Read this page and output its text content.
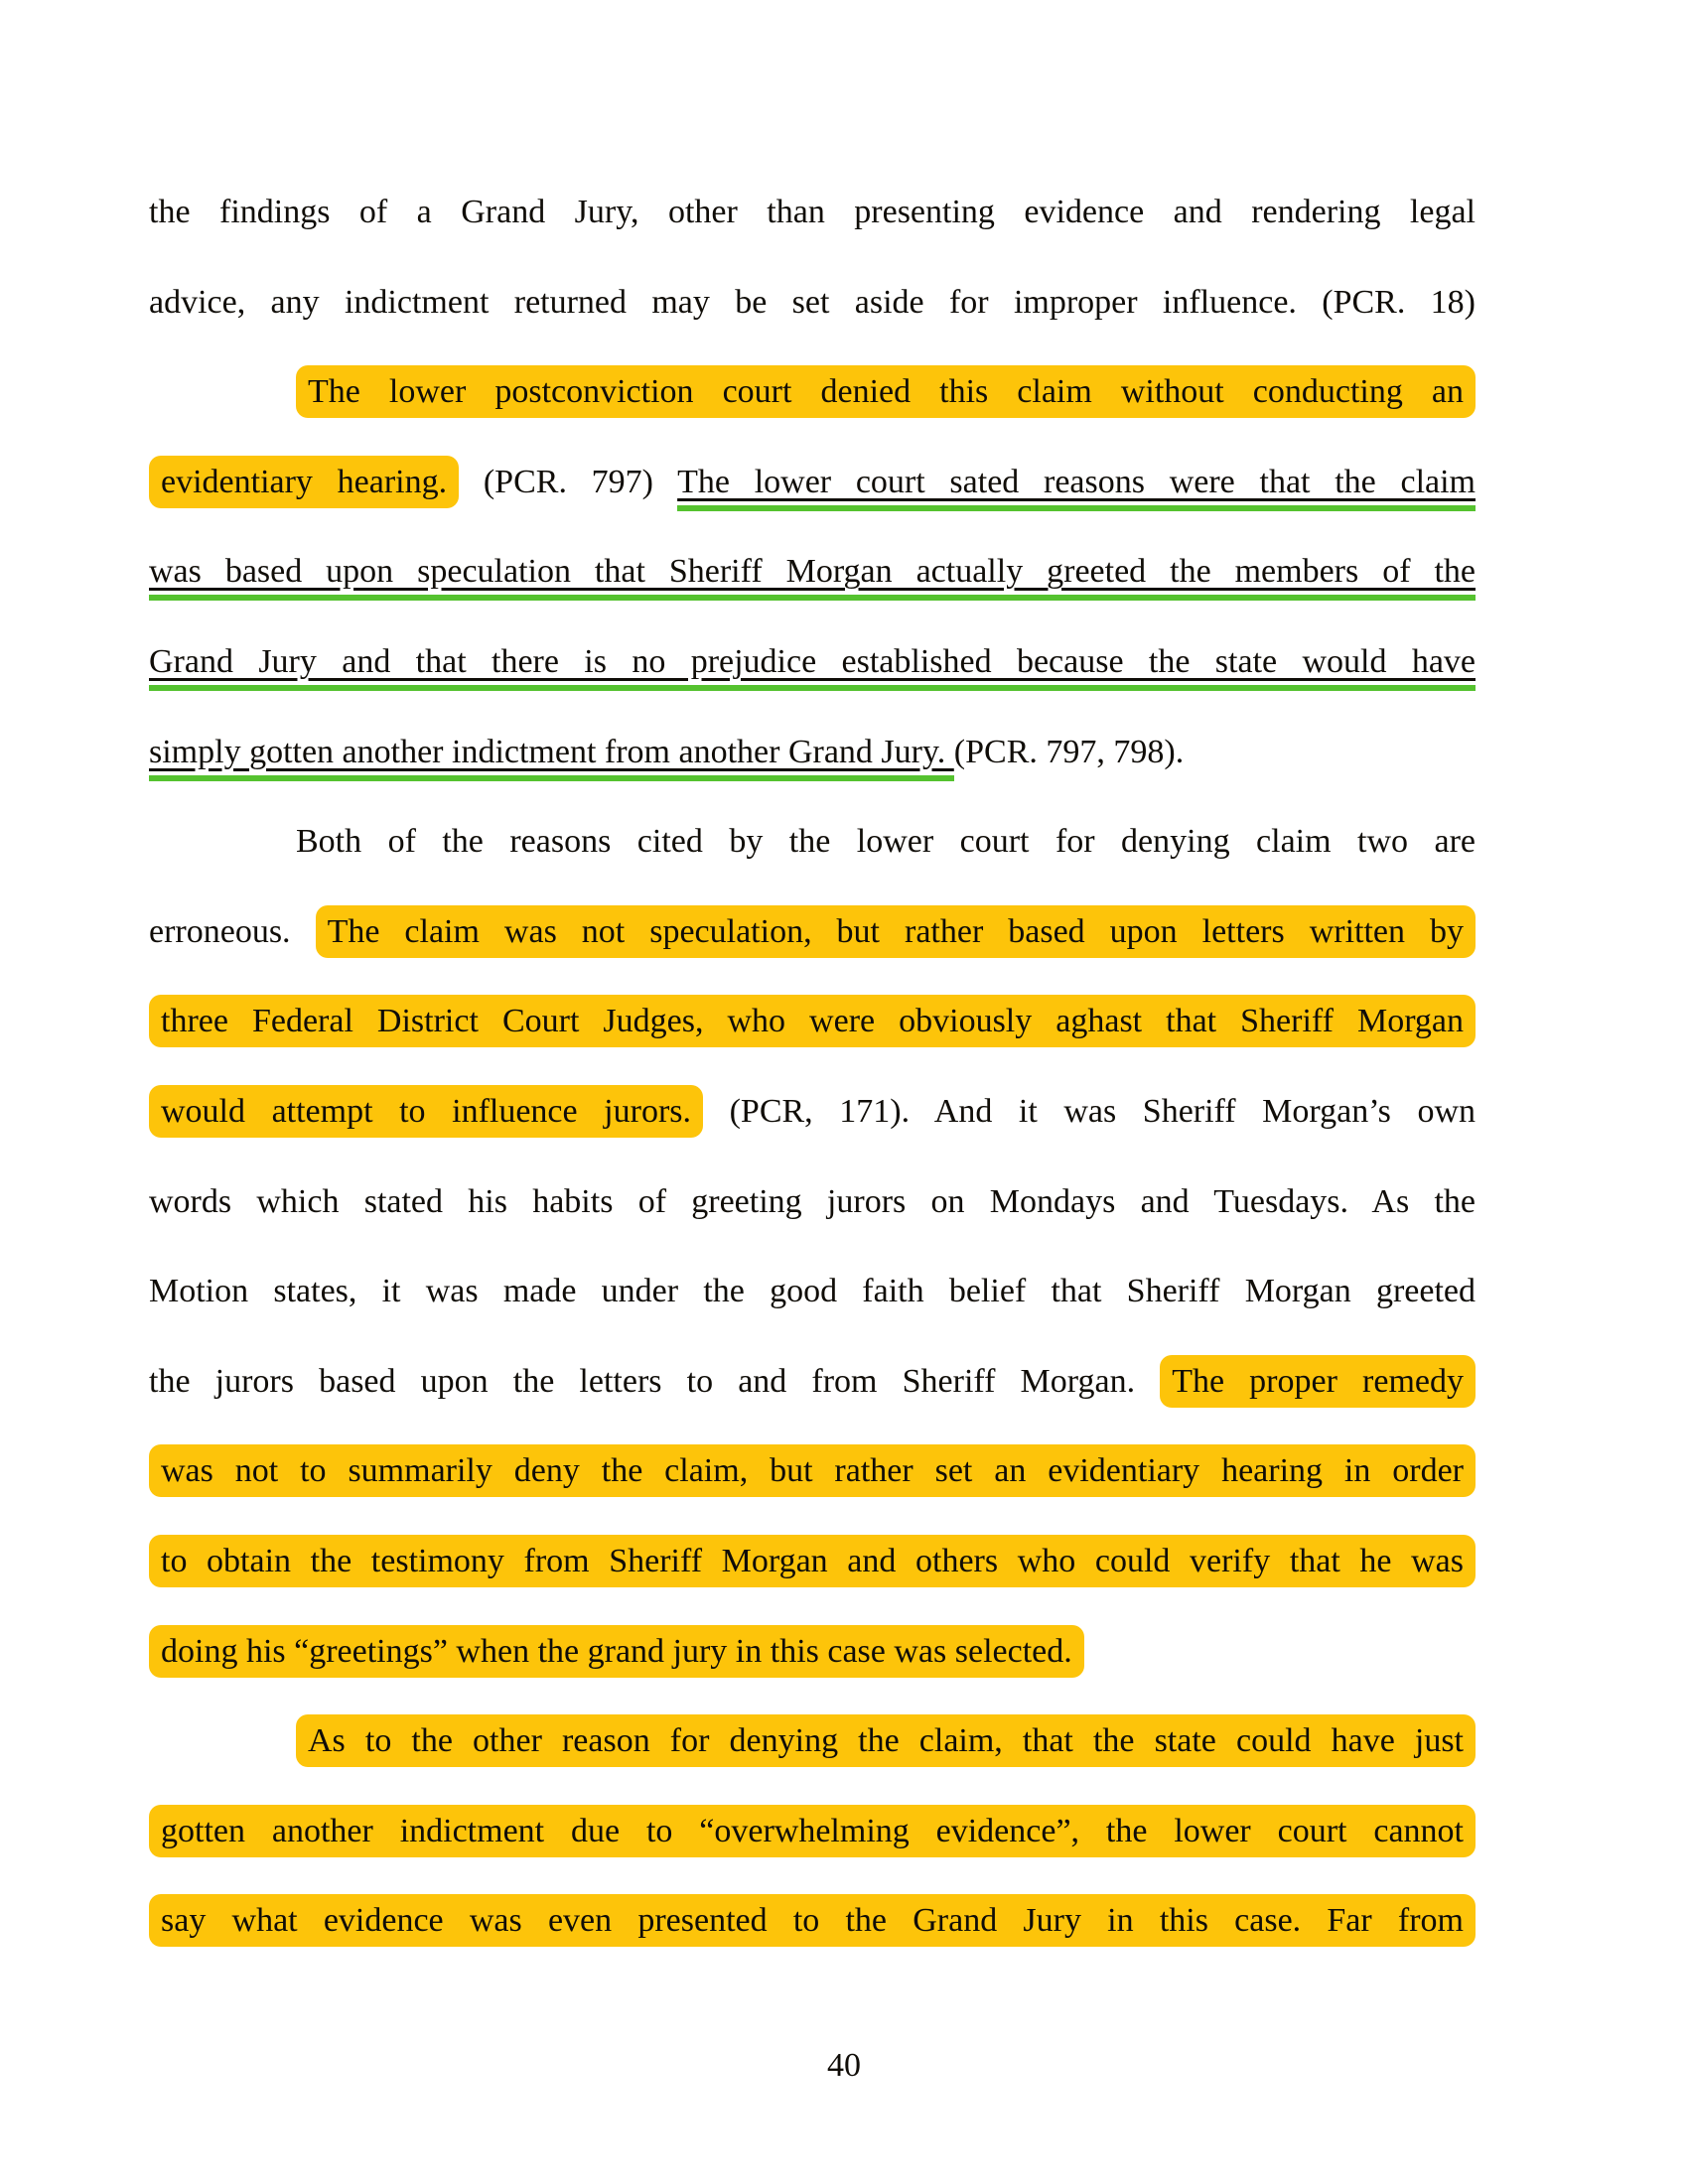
the findings of a Grand Jury, other than presenting evidence and rendering legal
advice, any indictment returned may be set aside for improper influence. (PCR. 18)
The lower postconviction court denied this claim without conducting an
evidentiary hearing. (PCR. 797) The lower court sated reasons were that the claim
was based upon speculation that Sheriff Morgan actually greeted the members of the
Grand Jury and that there is no prejudice established because the state would have
simply gotten another indictment from another Grand Jury. (PCR. 797, 798).
Both of the reasons cited by the lower court for denying claim two are
erroneous. The claim was not speculation, but rather based upon letters written by
three Federal District Court Judges, who were obviously aghast that Sheriff Morgan
would attempt to influence jurors. (PCR, 171). And it was Sheriff Morgan’s own
words which stated his habits of greeting jurors on Mondays and Tuesdays. As the
Motion states, it was made under the good faith belief that Sheriff Morgan greeted
the jurors based upon the letters to and from Sheriff Morgan. The proper remedy
was not to summarily deny the claim, but rather set an evidentiary hearing in order
to obtain the testimony from Sheriff Morgan and others who could verify that he was
doing his “greetings” when the grand jury in this case was selected.
As to the other reason for denying the claim, that the state could have just
gotten another indictment due to “overwhelming evidence”, the lower court cannot
say what evidence was even presented to the Grand Jury in this case. Far from
40
